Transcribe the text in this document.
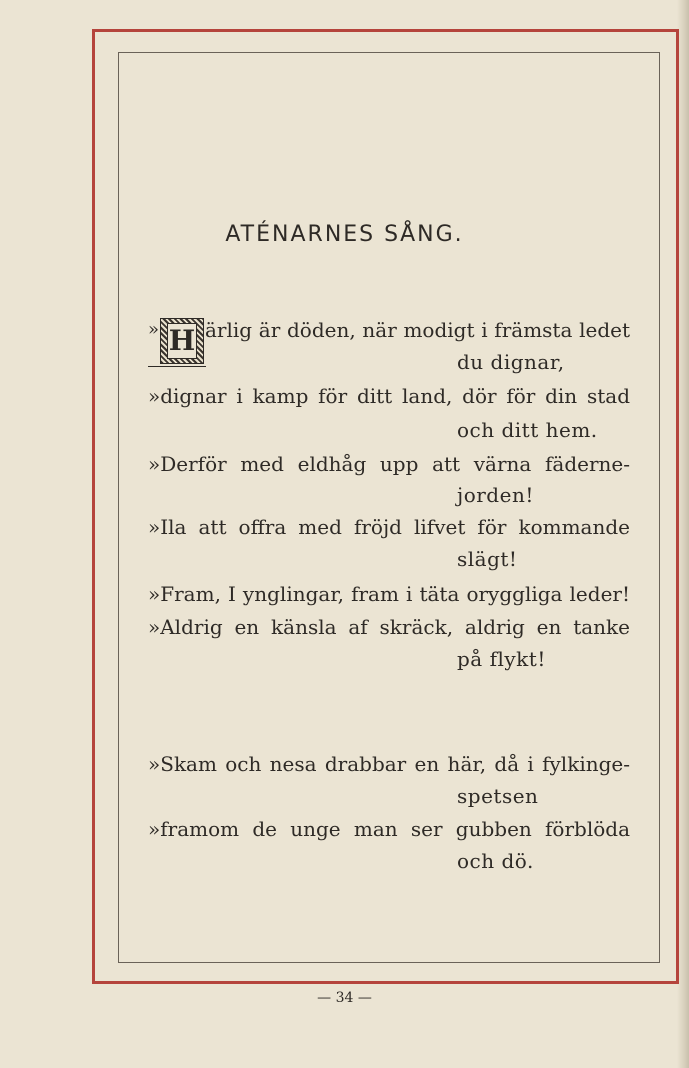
ATÉNARNES SÅNG.
» H ärlig är döden, när modigt i främsta ledet
du dignar,
»dignar i kamp för ditt land, dör för din stad
och ditt hem.
»Derför med eldhåg upp att värna fäderne-
jorden!
»Ila att offra med fröjd lifvet för kommande
slägt!
»Fram, I ynglingar, fram i täta oryggliga leder!
»Aldrig en känsla af skräck, aldrig en tanke
på flykt!
»Skam och nesa drabbar en här, då i fylkinge-
spetsen
»framom de unge man ser gubben förblöda
och dö.
— 34 —
